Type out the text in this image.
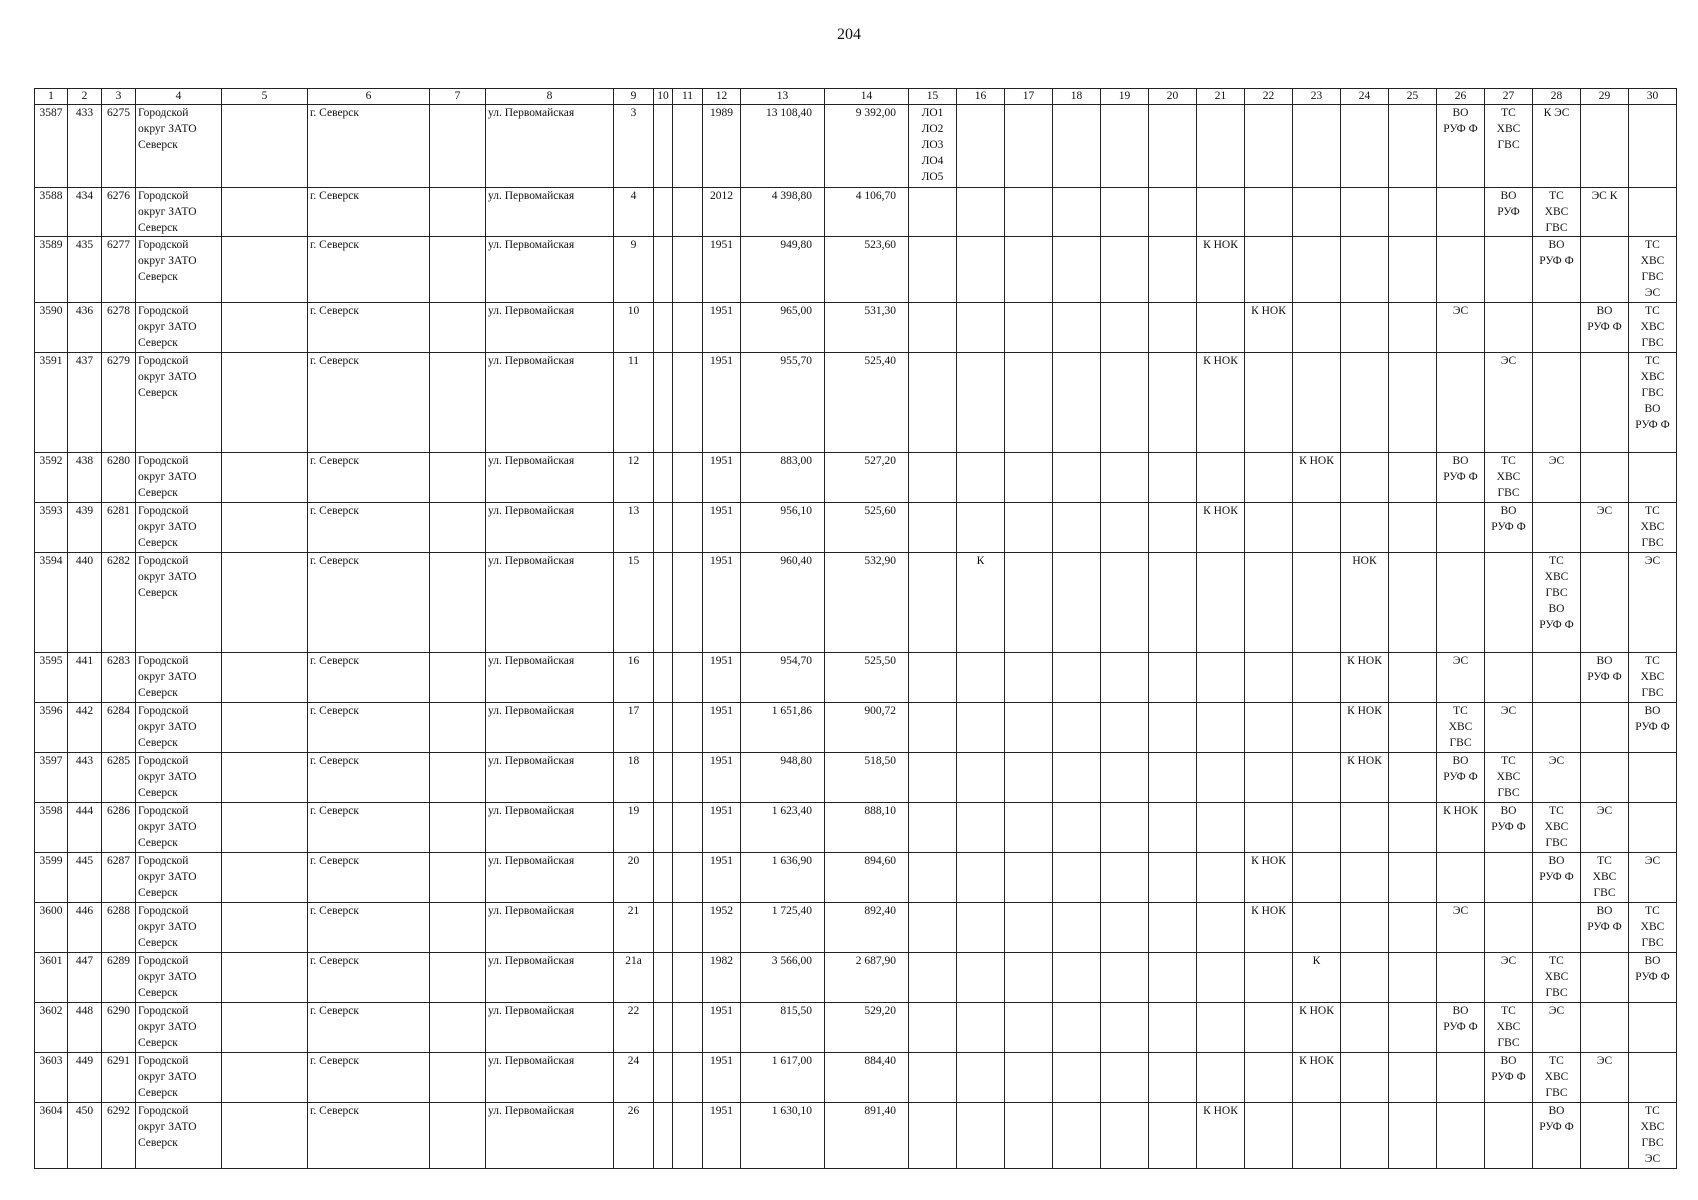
204
1	2	3	4	5	6	7	8	9	10	11	12	13	14	15	16	17	18	19	20	21	22	23	24	25	26	27	28	29	30
3587	433	6275	Городской
округ ЗАТО
Северск		г. Северск		ул. Первомайская	3			1989	13 108,40	9 392,00	ЛО1
ЛО2
ЛО3
ЛО4
ЛО5											ВО
РУФ Ф	ТС
ХВС
ГВС	К ЭС		
3588	434	6276	Городской
округ ЗАТО
Северск		г. Северск		ул. Первомайская	4			2012	4 398,80	4 106,70													ВО
РУФ	ТС
ХВС
ГВС	ЭС К	
3589	435	6277	Городской
округ ЗАТО
Северск		г. Северск		ул. Первомайская	9			1951	949,80	523,60							К НОК							ВО
РУФ Ф		ТС
ХВС
ГВС
ЭС
3590	436	6278	Городской
округ ЗАТО
Северск		г. Северск		ул. Первомайская	10			1951	965,00	531,30								К НОК				ЭС			ВО
РУФ Ф	ТС
ХВС
ГВС
3591	437	6279	Городской
округ ЗАТО
Северск		г. Северск		ул. Первомайская	11			1951	955,70	525,40							К НОК						ЭС			ТС
ХВС
ГВС
ВО
РУФ Ф
3592	438	6280	Городской
округ ЗАТО
Северск		г. Северск		ул. Первомайская	12			1951	883,00	527,20									К НОК			ВО
РУФ Ф	ТС
ХВС
ГВС	ЭС		
3593	439	6281	Городской
округ ЗАТО
Северск		г. Северск		ул. Первомайская	13			1951	956,10	525,60							К НОК						ВО
РУФ Ф		ЭС	ТС
ХВС
ГВС
3594	440	6282	Городской
округ ЗАТО
Северск		г. Северск		ул. Первомайская	15			1951	960,40	532,90		К								НОК				ТС
ХВС
ГВС
ВО
РУФ Ф		ЭС
3595	441	6283	Городской
округ ЗАТО
Северск		г. Северск		ул. Первомайская	16			1951	954,70	525,50										К НОК		ЭС			ВО
РУФ Ф	ТС
ХВС
ГВС
3596	442	6284	Городской
округ ЗАТО
Северск		г. Северск		ул. Первомайская	17			1951	1 651,86	900,72										К НОК		ТС
ХВС
ГВС	ЭС			ВО
РУФ Ф
3597	443	6285	Городской
округ ЗАТО
Северск		г. Северск		ул. Первомайская	18			1951	948,80	518,50										К НОК		ВО
РУФ Ф	ТС
ХВС
ГВС	ЭС		
3598	444	6286	Городской
округ ЗАТО
Северск		г. Северск		ул. Первомайская	19			1951	1 623,40	888,10												К НОК	ВО
РУФ Ф	ТС
ХВС
ГВС	ЭС	
3599	445	6287	Городской
округ ЗАТО
Северск		г. Северск		ул. Первомайская	20			1951	1 636,90	894,60								К НОК						ВО
РУФ Ф	ТС
ХВС
ГВС	ЭС
3600	446	6288	Городской
округ ЗАТО
Северск		г. Северск		ул. Первомайская	21			1952	1 725,40	892,40								К НОК				ЭС			ВО
РУФ Ф	ТС
ХВС
ГВС
3601	447	6289	Городской
округ ЗАТО
Северск		г. Северск		ул. Первомайская	21а			1982	3 566,00	2 687,90									К				ЭС	ТС
ХВС
ГВС		ВО
РУФ Ф
3602	448	6290	Городской
округ ЗАТО
Северск		г. Северск		ул. Первомайская	22			1951	815,50	529,20									К НОК			ВО
РУФ Ф	ТС
ХВС
ГВС	ЭС		
3603	449	6291	Городской
округ ЗАТО
Северск		г. Северск		ул. Первомайская	24			1951	1 617,00	884,40									К НОК				ВО
РУФ Ф	ТС
ХВС
ГВС	ЭС	
3604	450	6292	Городской
округ ЗАТО
Северск		г. Северск		ул. Первомайская	26			1951	1 630,10	891,40							К НОК							ВО
РУФ Ф		ТС
ХВС
ГВС
ЭС
